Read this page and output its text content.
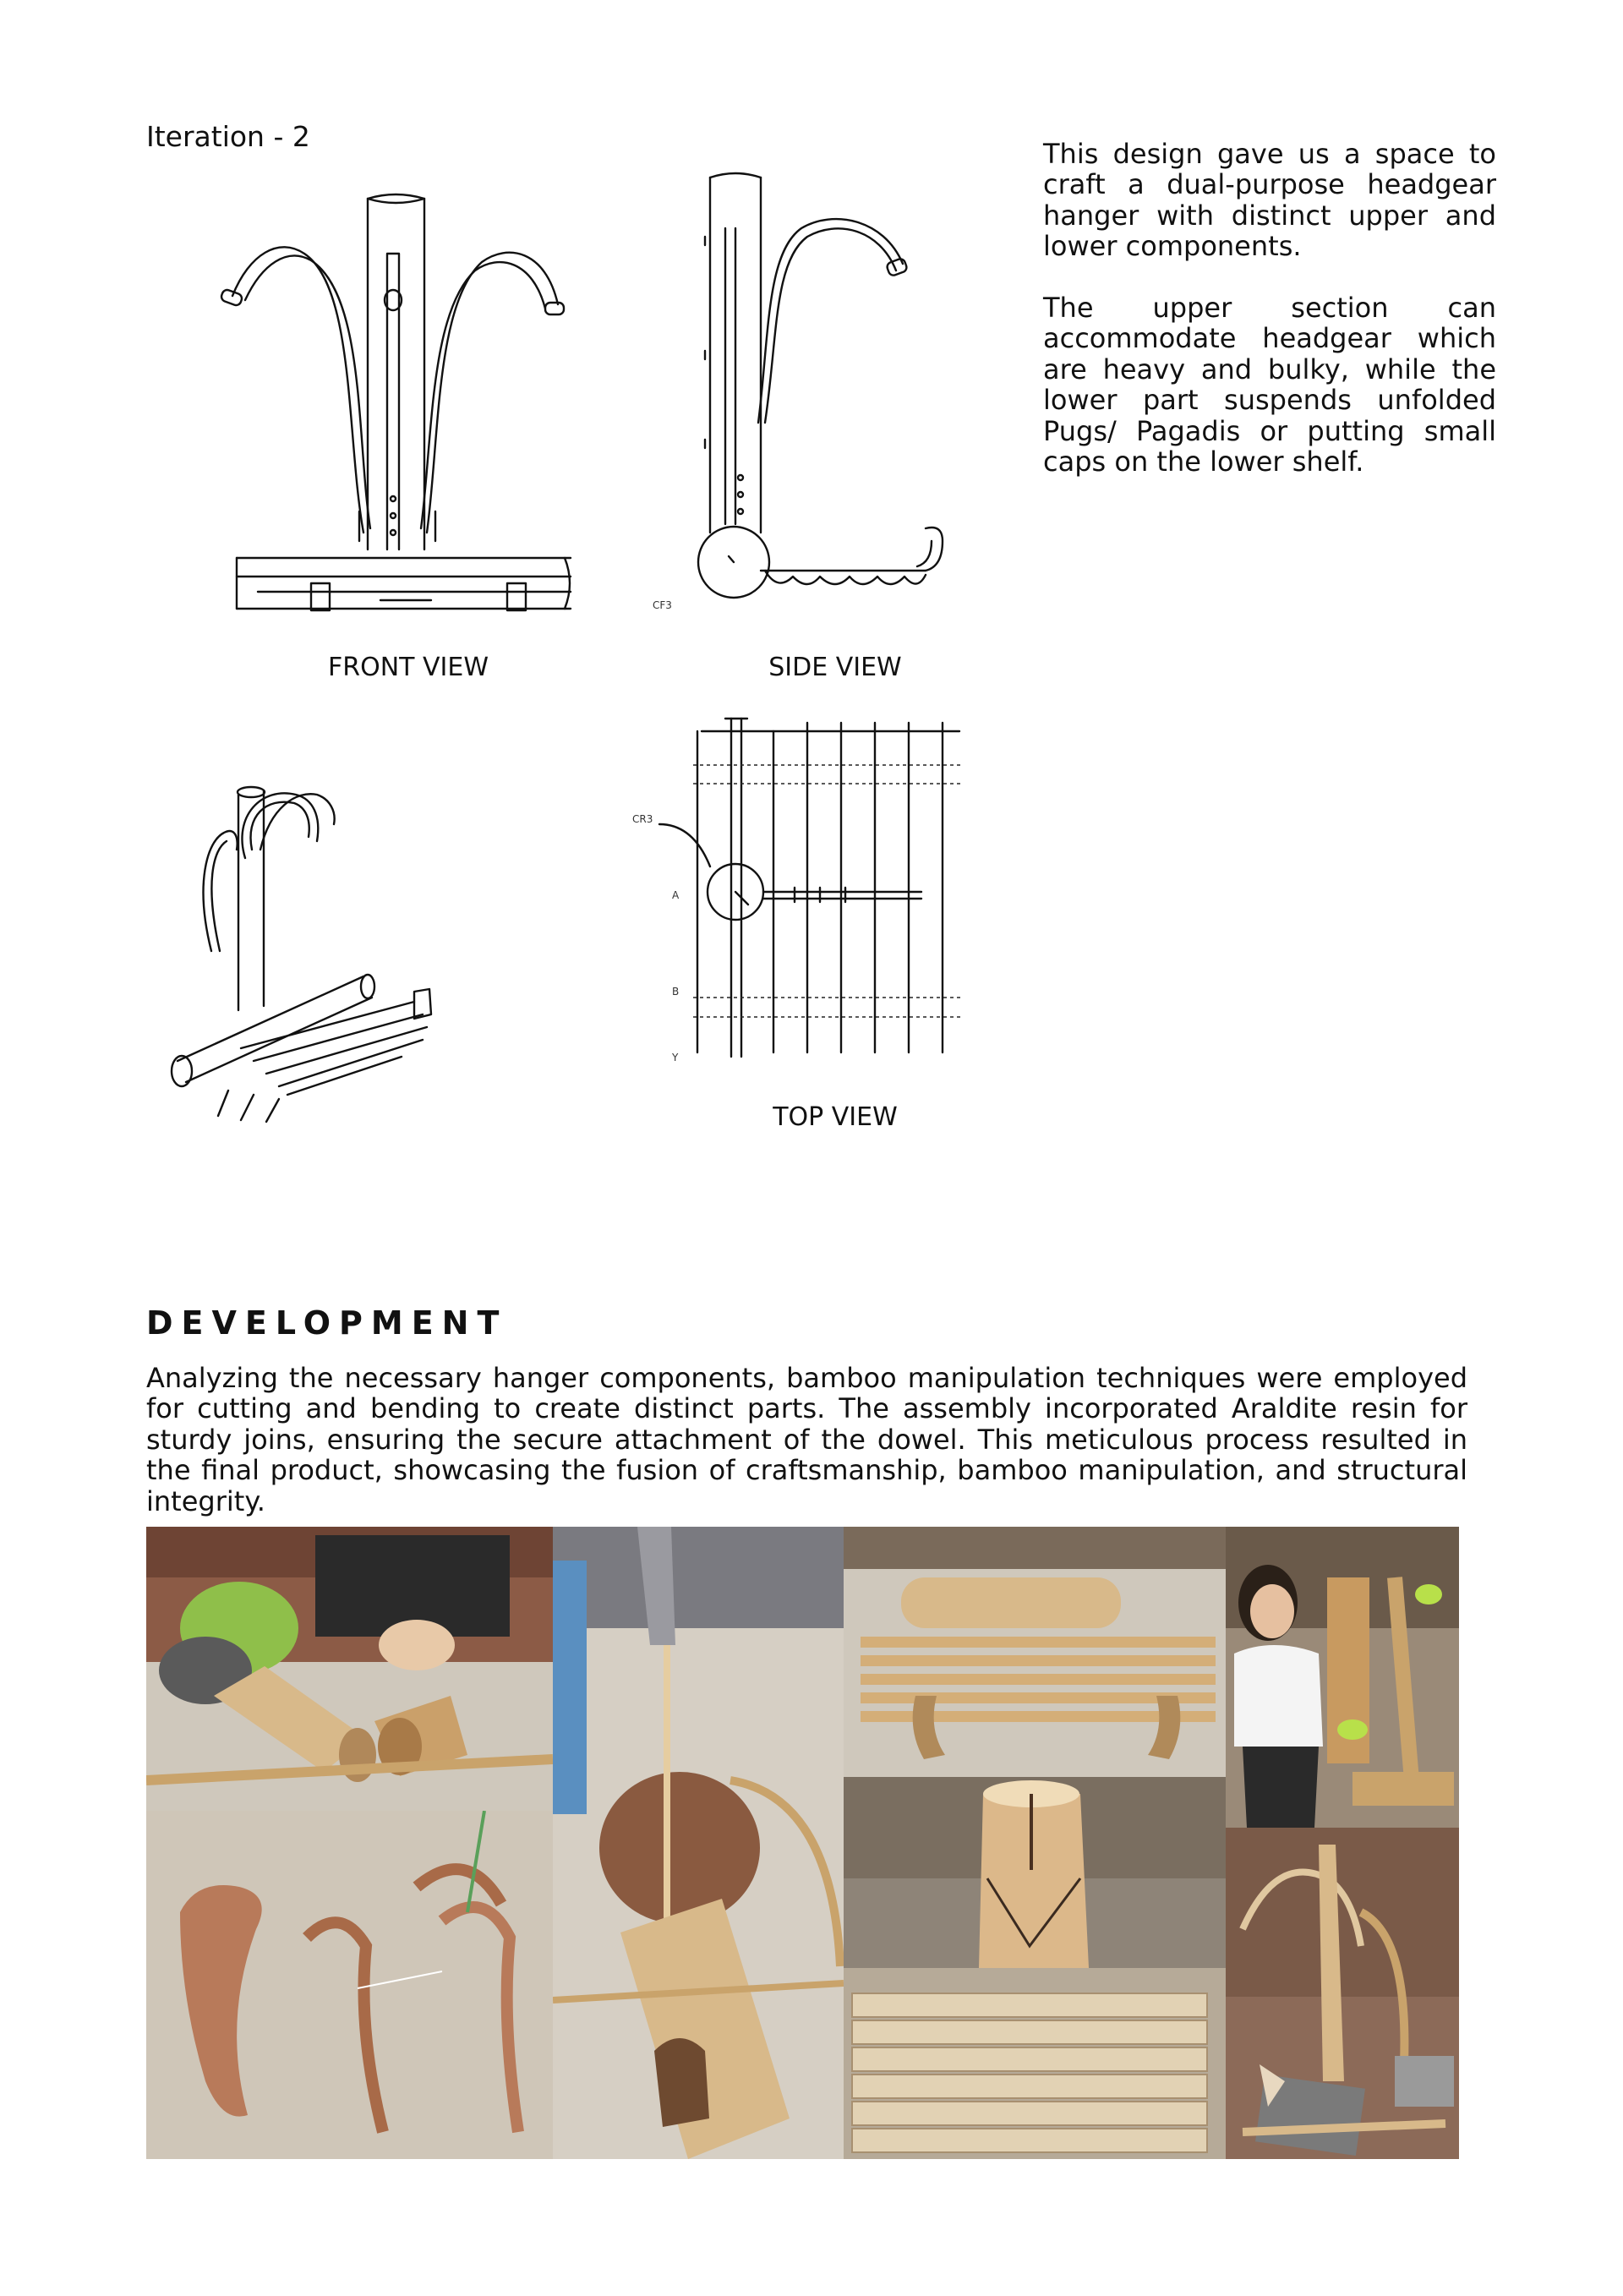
Iteration - 2

This design gave us a space to craft a dual-purpose headgear hanger with distinct upper and lower components.

The upper section can accommodate headgear which are heavy and bulky, while the lower part suspends unfolded Pugs/ Pagadis or putting small caps on the lower shelf.

FRONT VIEW
CF3
SIDE VIEW
CR3
A
B
Y
TOP VIEW
DEVELOPMENT

Analyzing the necessary hanger components, bamboo manipulation techniques were employed for cutting and bending to create distinct parts. The assembly incorporated Araldite resin for sturdy joins, ensuring the secure attachment of the dowel. This meticulous process resulted in the final product, showcasing the fusion of craftsmanship, bamboo manipulation, and structural integrity.
